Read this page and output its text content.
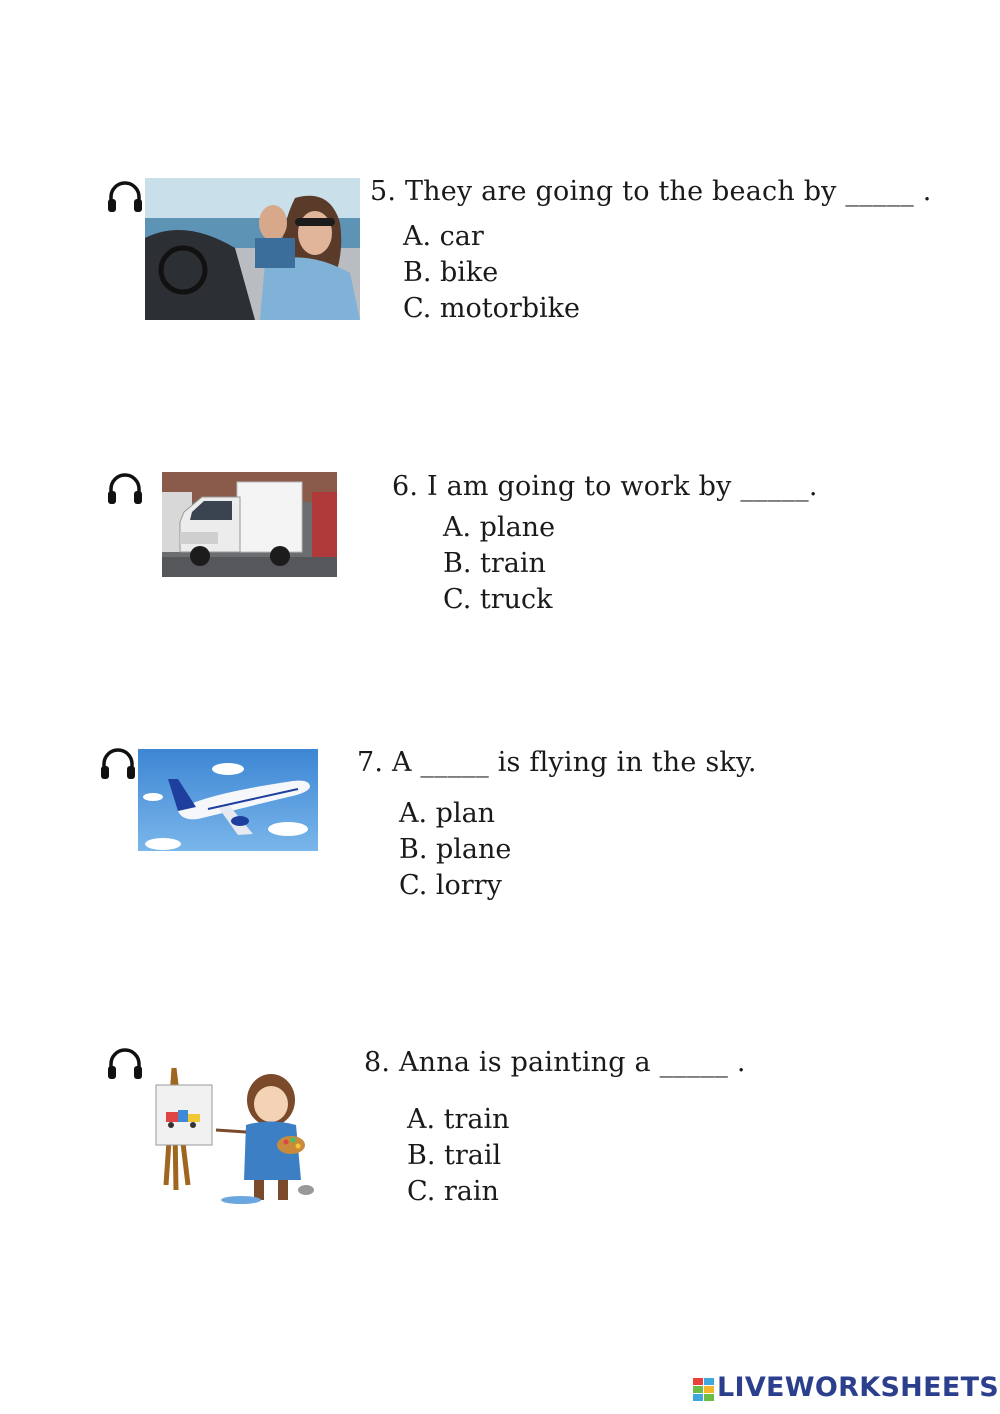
5. They are going to the beach by _____ .
A. car
B. bike
C. motorbike
6. I am going to work by _____.
A. plane
B. train
C. truck
7. A _____ is flying in the sky.
A. plan
B. plane
C. lorry
8. Anna is painting a _____ .
A. train
B. trail
C. rain
LIVEWORKSHEETS
